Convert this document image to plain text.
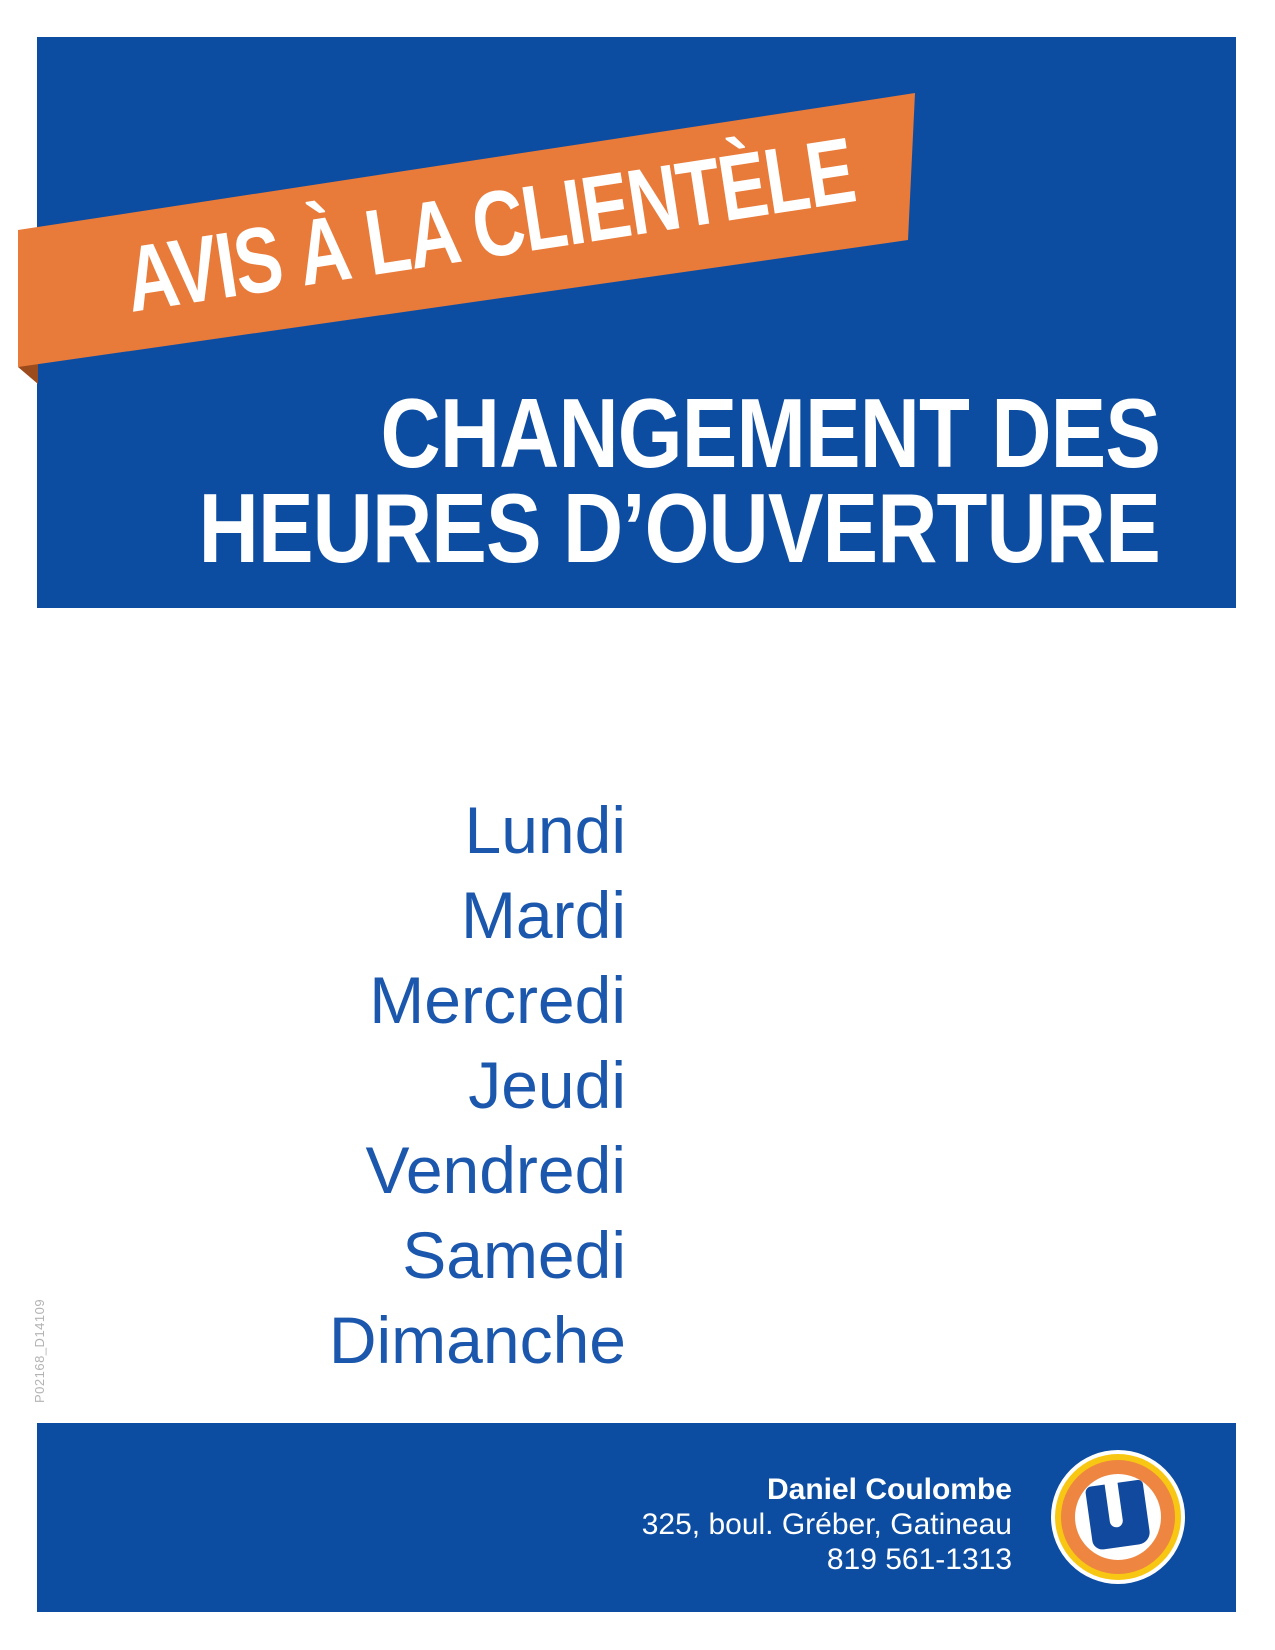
AVIS À LA CLIENTÈLE
CHANGEMENT DES
HEURES D’OUVERTURE
Lundi
Mardi
Mercredi
Jeudi
Vendredi
Samedi
Dimanche
P02168_D14109
Daniel Coulombe
325, boul. Gréber, Gatineau
819 561-1313
